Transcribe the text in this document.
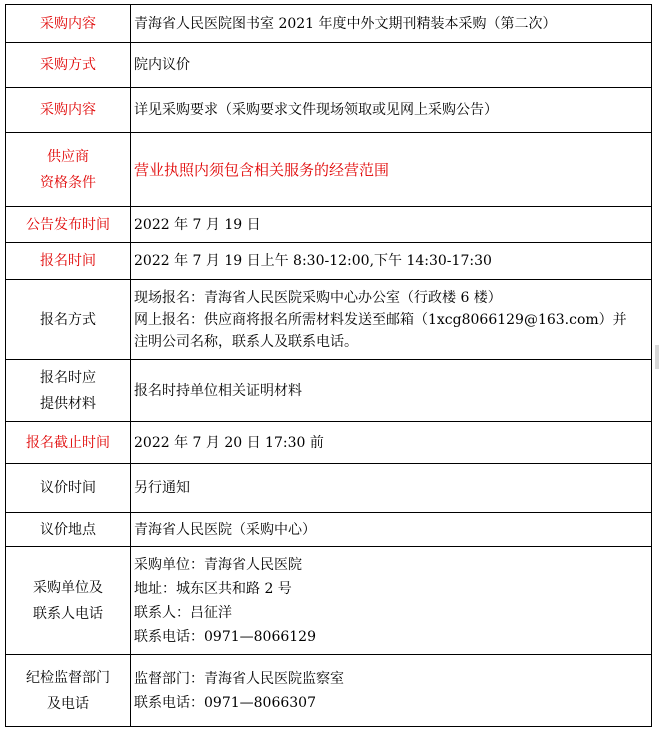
采购内容	青海省人民医院图书室 2021 年度中外文期刊精装本采购（第二次）

采购方式	院内议价

采购内容	详见采购要求（采购要求文件现场领取或见网上采购公告）

供应商
资格条件	营业执照内须包含相关服务的经营范围

公告发布时间	2022 年 7 月 19 日

报名时间	2022 年 7 月 19 日上午 8:30-12:00,下午 14:30-17:30

报名方式	现场报名：青海省人民医院采购中心办公室（行政楼 6 楼）
网上报名：供应商将报名所需材料发送至邮箱（1xcg8066129@163.com）并
注明公司名称，联系人及联系电话。

报名时应
提供材料	报名时持单位相关证明材料

报名截止时间	2022 年 7 月 20 日 17:30 前

议价时间	另行通知

议价地点	青海省人民医院（采购中心）

采购单位及
联系人电话	采购单位：青海省人民医院
地址：城东区共和路 2 号
联系人：吕征洋
联系电话：0971—8066129

纪检监督部门
及电话	监督部门：青海省人民医院监察室
联系电话：0971—8066307
